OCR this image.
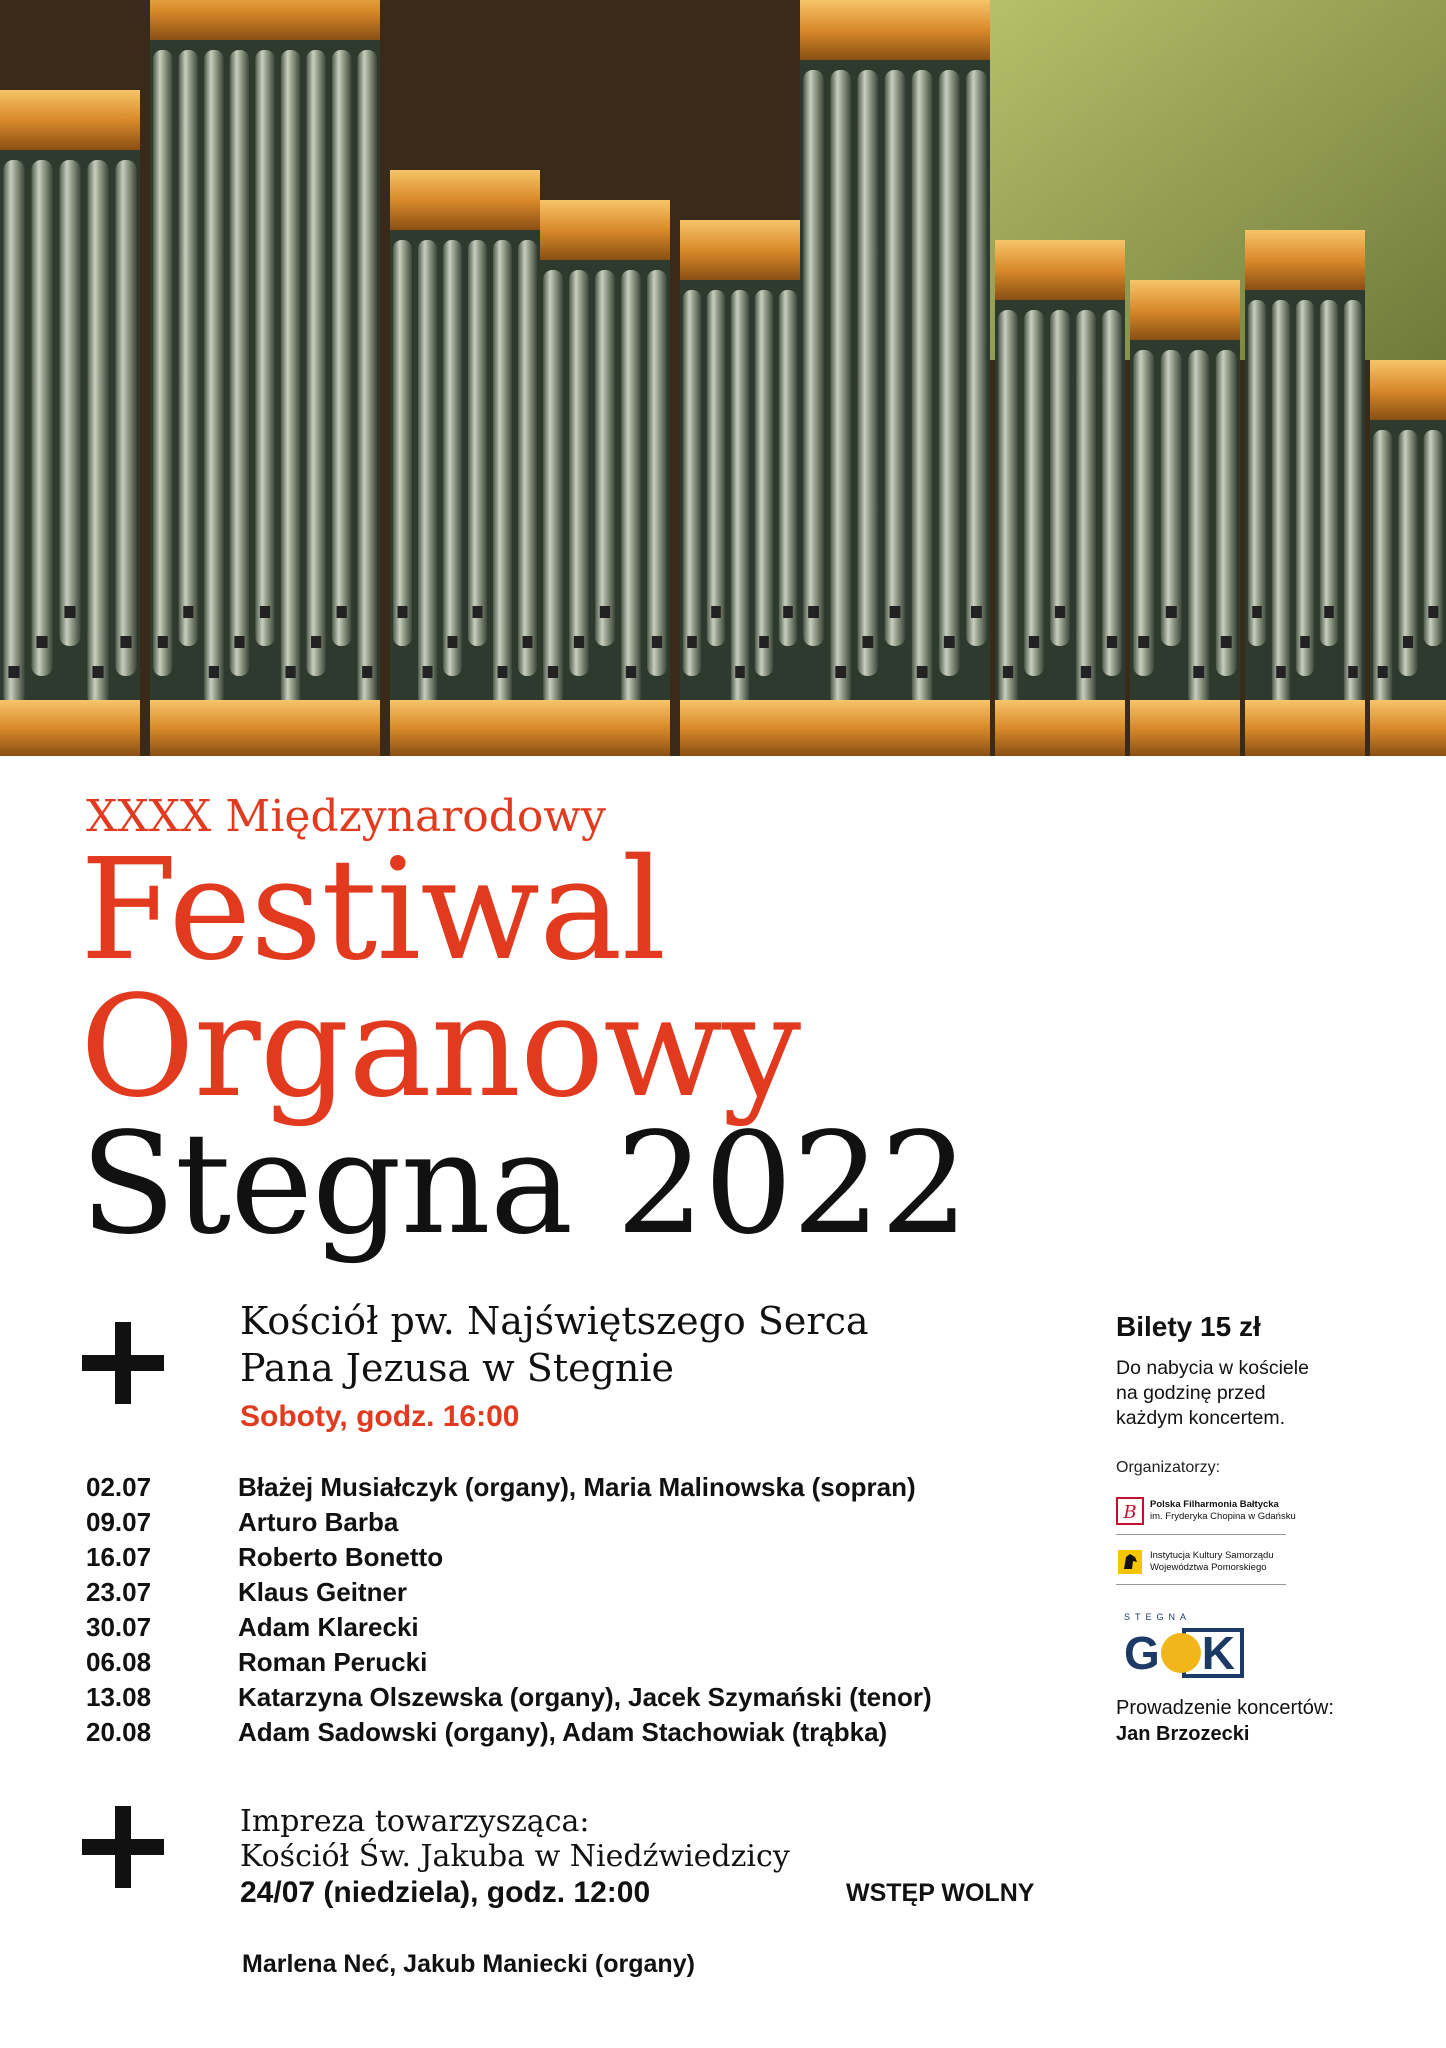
XXXX Międzynarodowy

Festiwal

Organowy

Stegna 2022

Kościół pw. Najświętszego Serca

Pana Jezusa w Stegnie

Soboty, godz. 16:00

02.07	Błażej Musiałczyk (organy), Maria Malinowska (sopran)
09.07	Arturo Barba
16.07	Roberto Bonetto
23.07	Klaus Geitner
30.07	Adam Klarecki
06.08	Roman Perucki
13.08	Katarzyna Olszewska (organy), Jacek Szymański (tenor)
20.08	Adam Sadowski (organy), Adam Stachowiak (trąbka)

Impreza towarzysząca:

Kościół Św. Jakuba w Niedźwiedzicy

24/07 (niedziela), godz. 12:00	WSTĘP WOLNY

Marlena Neć, Jakub Maniecki (organy)

Bilety 15 zł

Do nabycia w kościele
na godzinę przed
każdym koncertem.

Organizatorzy:

B Polska Filharmonia Bałtycka
im. Fryderyka Chopina w Gdańsku
Instytucja Kultury Samorządu
Województwa Pomorskiego
STEGNA
G K

Prowadzenie koncertów:

Jan Brzozecki
